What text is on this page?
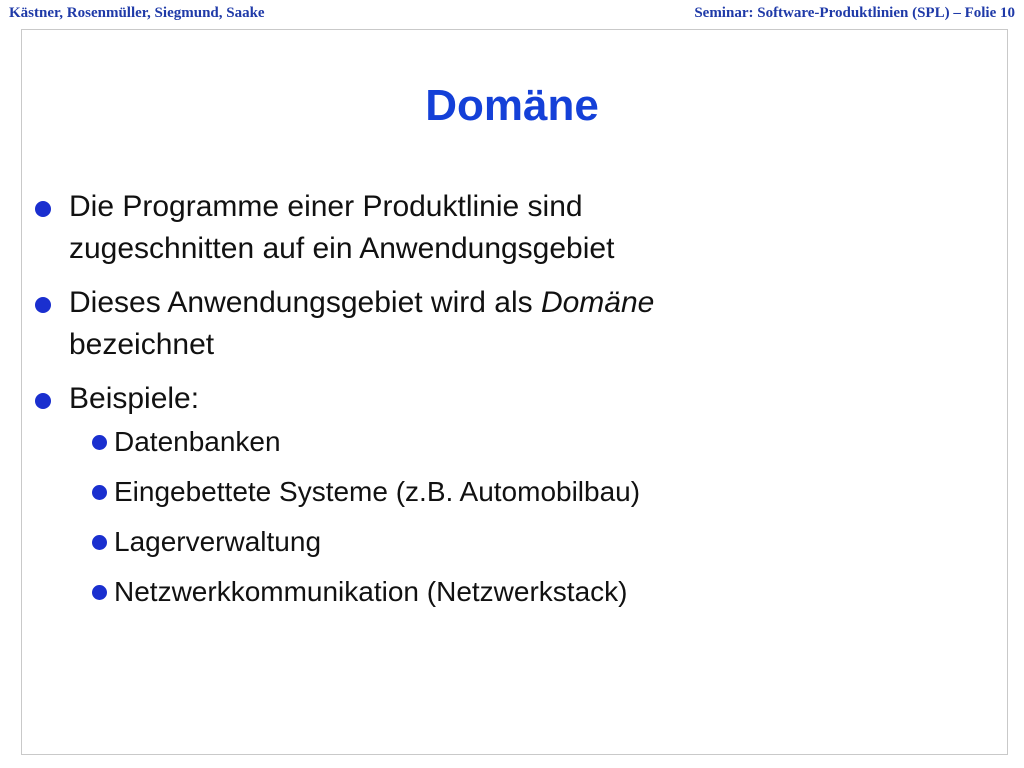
Kästner, Rosenmüller, Siegmund, Saake	Seminar: Software-Produktlinien (SPL) – Folie 10
Domäne
Die Programme einer Produktlinie sind
zugeschnitten auf ein Anwendungsgebiet
Dieses Anwendungsgebiet wird als Domäne
bezeichnet
Beispiele:
Datenbanken
Eingebettete Systeme (z.B. Automobilbau)
Lagerverwaltung
Netzwerkkommunikation (Netzwerkstack)
